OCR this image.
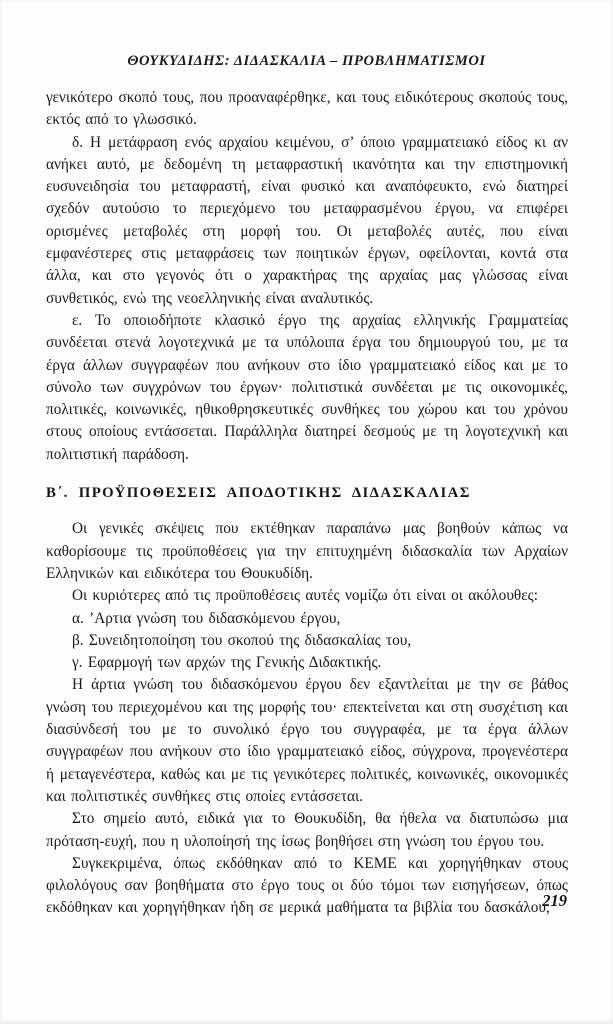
ΘΟΥΚΥΔΙΔΗΣ: ΔΙΔΑΣΚΑΛΙΑ – ΠΡΟΒΛΗΜΑΤΙΣΜΟΙ

γενικότερο σκοπό τους, που προαναφέρθηκε, και τους ειδικότερους σκοπούς τους, εκτός από το γλωσσικό.

δ. Η μετάφραση ενός αρχαίου κειμένου, σ’ όποιο γραμματειακό είδος κι αν ανήκει αυτό, με δεδομένη τη μεταφραστική ικανότητα και την επιστημονική ευσυνειδησία του μεταφραστή, είναι φυσικό και αναπόφευκτο, ενώ διατηρεί σχεδόν αυτούσιο το περιεχόμενο του μεταφρασμένου έργου, να επιφέρει ορισμένες μεταβολές στη μορφή του. Οι μεταβολές αυτές, που είναι εμφανέστερες στις μεταφράσεις των ποιητικών έργων, οφείλονται, κοντά στα άλλα, και στο γεγονός ότι ο χαρακτήρας της αρχαίας μας γλώσσας είναι συνθετικός, ενώ της νεοελληνικής είναι αναλυτικός.

ε. Το οποιοδήποτε κλασικό έργο της αρχαίας ελληνικής Γραμματείας συνδέεται στενά λογοτεχνικά με τα υπόλοιπα έργα του δημιουργού του, με τα έργα άλλων συγγραφέων που ανήκουν στο ίδιο γραμματειακό είδος και με το σύνολο των συγχρόνων του έργων· πολιτιστικά συνδέεται με τις οικονομικές, πολιτικές, κοινωνικές, ηθικοθρησκευτικές συνθήκες του χώρου και του χρόνου στους οποίους εντάσσεται. Παράλληλα διατηρεί δεσμούς με τη λογοτεχνική και πολιτιστική παράδοση.

Β΄. ΠΡΟΫΠΟΘΕΣΕΙΣ ΑΠΟΔΟΤΙΚΗΣ ΔΙΔΑΣΚΑΛΙΑΣ

Οι γενικές σκέψεις που εκτέθηκαν παραπάνω μας βοηθούν κάπως να καθορίσουμε τις προϋποθέσεις για την επιτυχημένη διδασκαλία των Αρχαίων Ελληνικών και ειδικότερα του Θουκυδίδη.

Οι κυριότερες από τις προϋποθέσεις αυτές νομίζω ότι είναι οι ακόλουθες:

α. ’Αρτια γνώση του διδασκόμενου έργου,

β. Συνειδητοποίηση του σκοπού της διδασκαλίας του,

γ. Εφαρμογή των αρχών της Γενικής Διδακτικής.

Η άρτια γνώση του διδασκόμενου έργου δεν εξαντλείται με την σε βάθος γνώση του περιεχομένου και της μορφής του· επεκτείνεται και στη συσχέτιση και διασύνδεσή του με το συνολικό έργο του συγγραφέα, με τα έργα άλλων συγγραφέων που ανήκουν στο ίδιο γραμματειακό είδος, σύγχρονα, προγενέστερα ή μεταγενέστερα, καθώς και με τις γενικότερες πολιτικές, κοινωνικές, οικονομικές και πολιτιστικές συνθήκες στις οποίες εντάσσεται.

Στο σημείο αυτό, ειδικά για το Θουκυδίδη, θα ήθελα να διατυπώσω μια πρόταση-ευχή, που η υλοποίησή της ίσως βοηθήσει στη γνώση του έργου του.

Συγκεκριμένα, όπως εκδόθηκαν από το ΚΕΜΕ και χορηγήθηκαν στους φιλολόγους σαν βοηθήματα στο έργο τους οι δύο τόμοι των εισηγήσεων, όπως εκδόθηκαν και χορηγήθηκαν ήδη σε μερικά μαθήματα τα βιβλία του δασκάλου,

219
